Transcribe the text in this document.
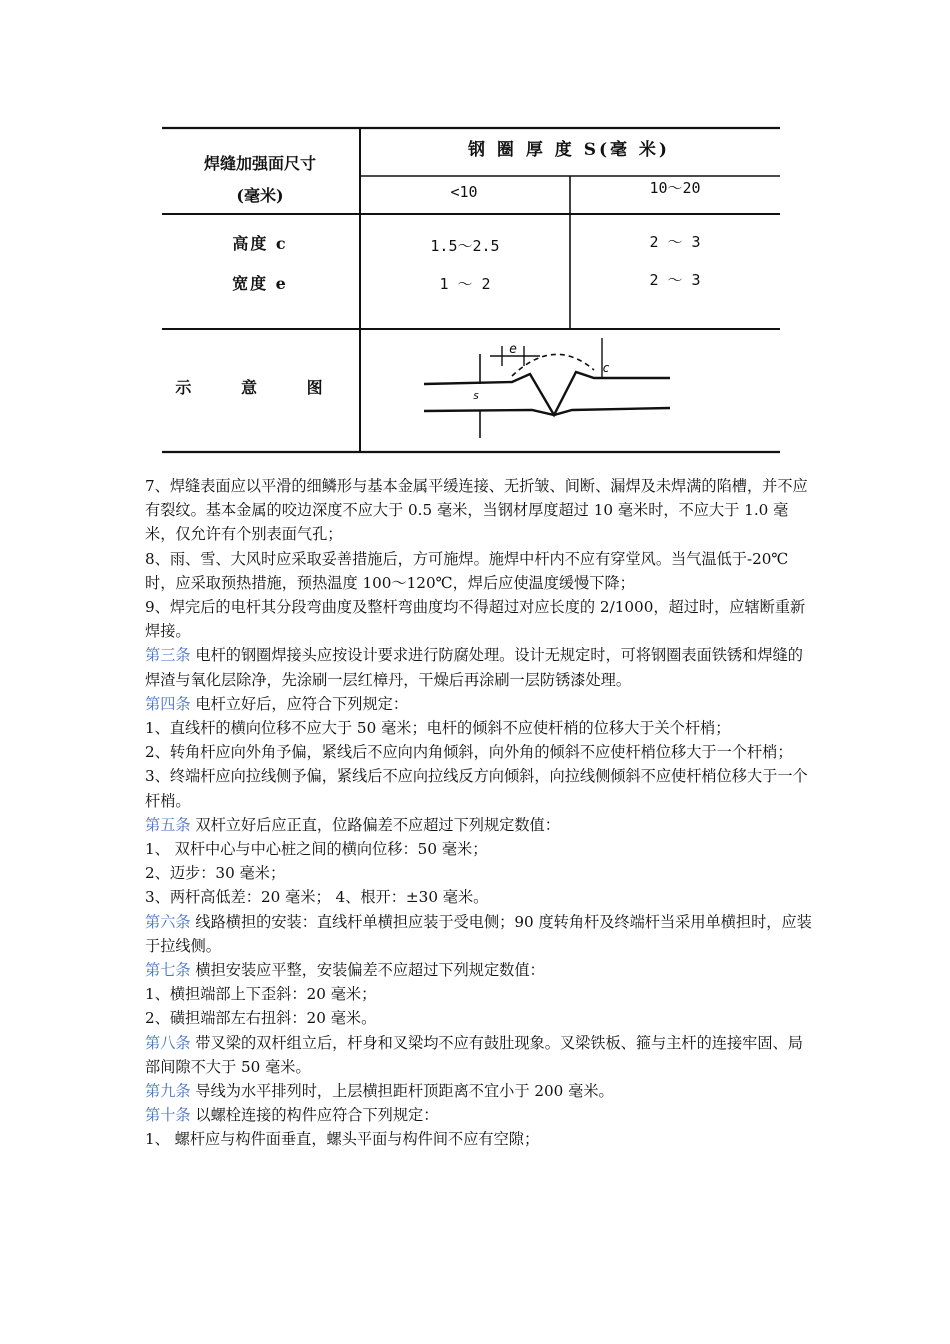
焊缝加强面尺寸
(毫米)
钢 圈 厚 度 S(毫 米)
<10	10～20
高度 c	1.5～2.5	2 ～ 3
宽度 e	1 ～ 2	2 ～ 3
示 意 图
e
c
s

7、焊缝表面应以平滑的细鳞形与基本金属平缓连接、无折皱、间断、漏焊及未焊满的陷槽，并不应有裂纹。基本金属的咬边深度不应大于 0.5 毫米，当钢材厚度超过 10 毫米时，不应大于 1.0 毫米，仅允许有个别表面气孔；

8、雨、雪、大风时应采取妥善措施后，方可施焊。施焊中杆内不应有穿堂风。当气温低于-20℃时，应采取预热措施，预热温度 100～120℃，焊后应使温度缓慢下降；

9、焊完后的电杆其分段弯曲度及整杆弯曲度均不得超过对应长度的 2/1000，超过时，应辖断重新焊接。

第三条 电杆的钢圈焊接头应按设计要求进行防腐处理。设计无规定时，可将钢圈表面铁锈和焊缝的焊渣与氧化层除净，先涂刷一层红樟丹，干燥后再涂刷一层防锈漆处理。

第四条 电杆立好后，应符合下列规定：

1、直线杆的横向位移不应大于 50 毫米；电杆的倾斜不应使杆梢的位移大于关个杆梢；

2、转角杆应向外角予偏，紧线后不应向内角倾斜，向外角的倾斜不应使杆梢位移大于一个杆梢；

3、终端杆应向拉线侧予偏，紧线后不应向拉线反方向倾斜，向拉线侧倾斜不应使杆梢位移大于一个杆梢。

第五条 双杆立好后应正直，位路偏差不应超过下列规定数值：

1、 双杆中心与中心桩之间的横向位移：50 毫米；

2、迈步：30 毫米；

3、两杆高低差：20 毫米； 4、根开：±30 毫米。

第六条 线路横担的安装：直线杆单横担应装于受电侧；90 度转角杆及终端杆当采用单横担时，应装于拉线侧。

第七条 横担安装应平整，安装偏差不应超过下列规定数值：

1、横担端部上下歪斜：20 毫米；

2、磺担端部左右扭斜：20 毫米。

第八条 带叉梁的双杆组立后，杆身和叉梁均不应有鼓肚现象。叉梁铁板、箍与主杆的连接牢固、局部间隙不大于 50 毫米。

第九条 导线为水平排列时，上层横担距杆顶距离不宜小于 200 毫米。

第十条 以螺栓连接的构件应符合下列规定：

1、 螺杆应与构件面垂直，螺头平面与构件间不应有空隙；
